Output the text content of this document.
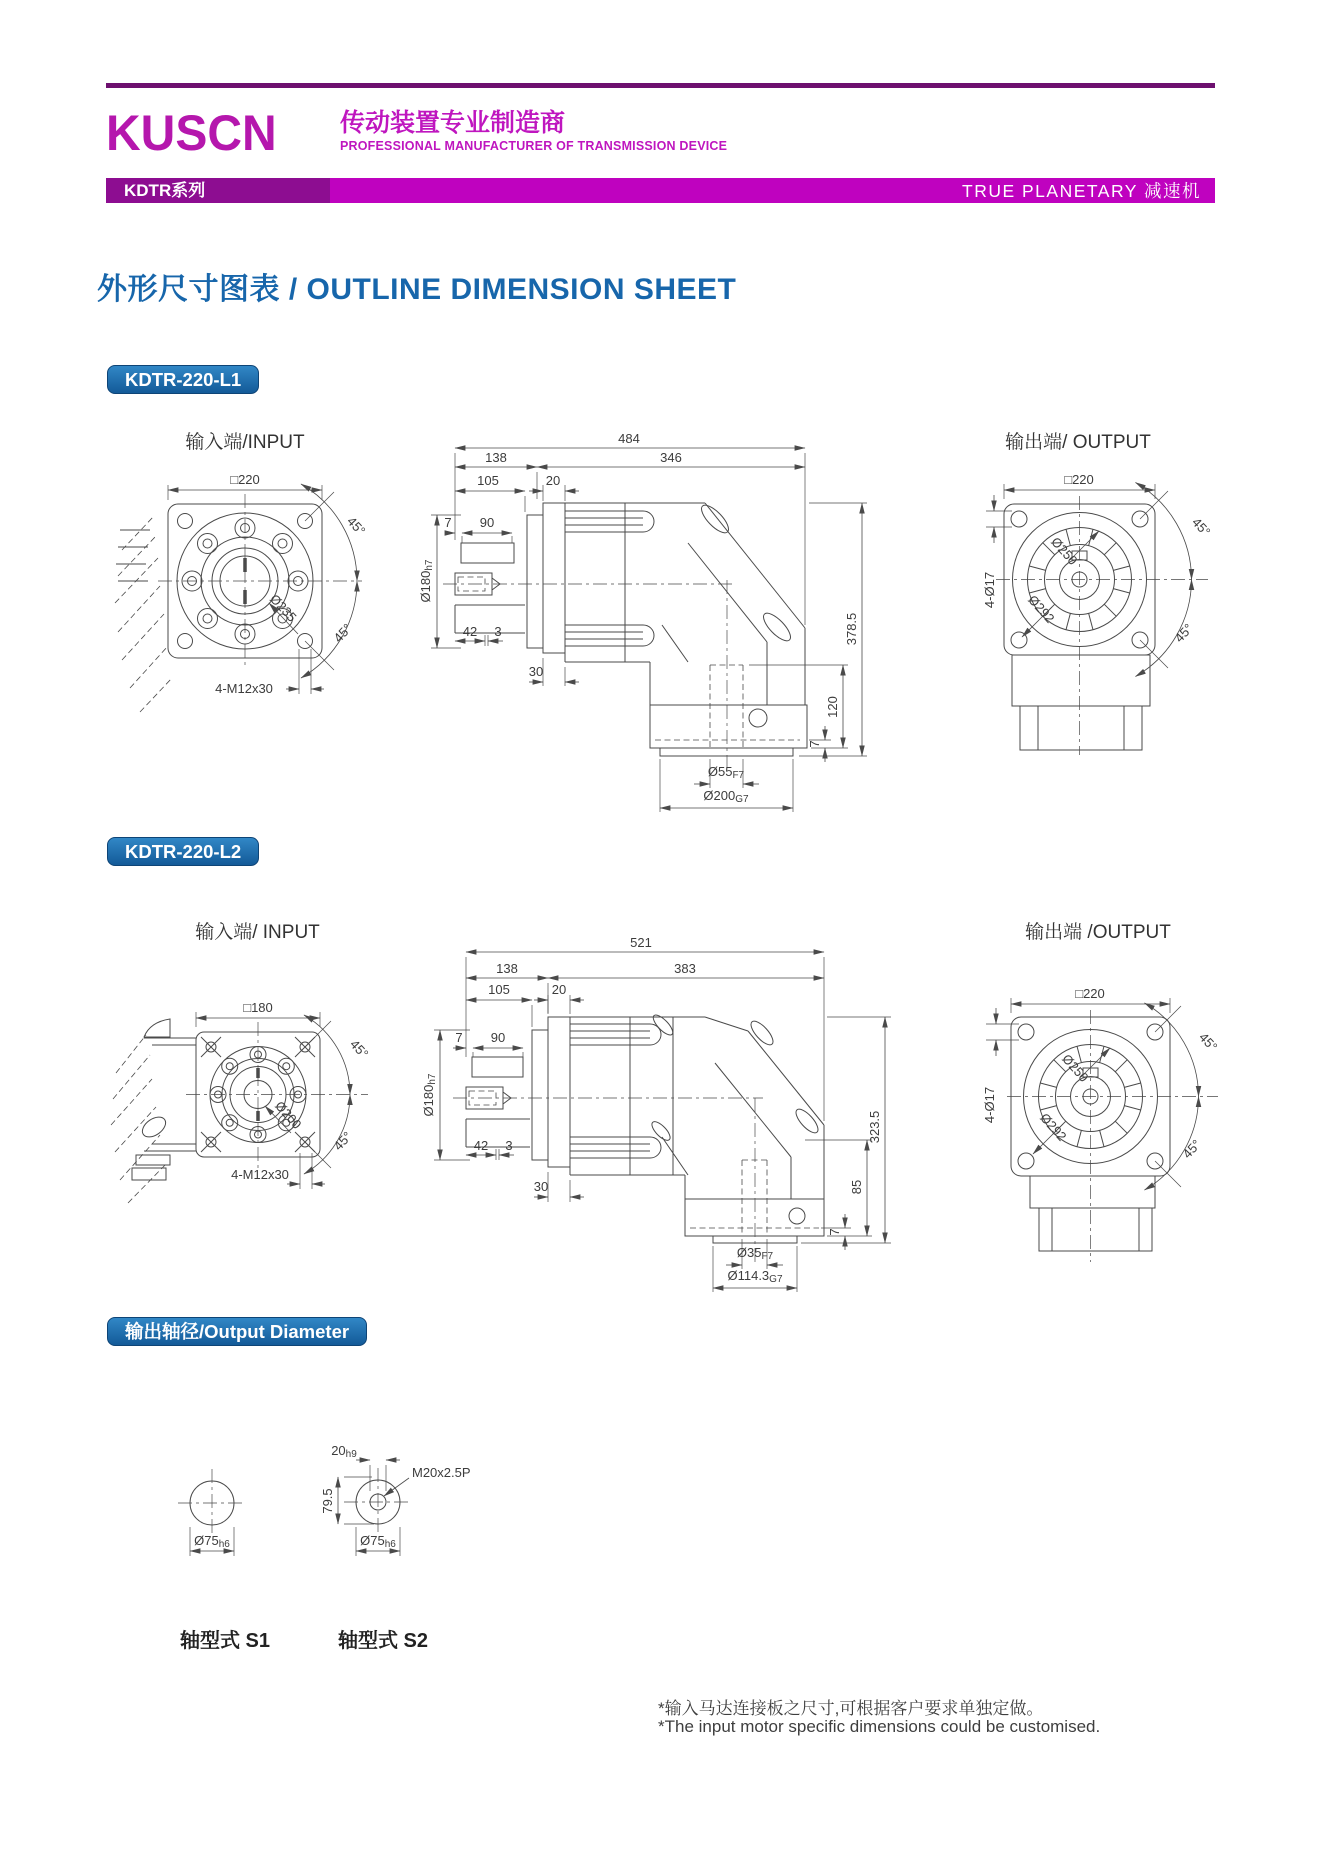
KUSCN	传动装置专业制造商
PROFESSIONAL MANUFACTURER OF TRANSMISSION DEVICE
KDTR系列	TRUE PLANETARY 减速机
外形尺寸图表 / OUTLINE DIMENSION SHEET
KDTR-220-L1
KDTR-220-L2
输出轴径/Output Diameter
输入端/INPUT	输出端/ OUTPUT
输入端/ INPUT	输出端 /OUTPUT
轴型式 S1	轴型式 S2
*输入马达连接板之尺寸,可根据客户要求单独定做。
*The input motor specific dimensions could be customised.
□220
Ø235
45°
45°
4-M12x30
484
138	346
105	20
Ø180h7
7 90
42 3
30
378.5
120
7
Ø55F7
Ø200G7
□220
4-Ø17
Ø250
Ø292
45°
45°
□180
Ø200
45°
45°
4-M12x30
521
138	383
105	20
Ø180h7
7 90
42 3
30
323.5
85
7
Ø35F7
Ø114.3G7
□220
4-Ø17
Ø250
Ø292
45°
45°
Ø75h6
20h9
79.5
M20x2.5P
Ø75h6
